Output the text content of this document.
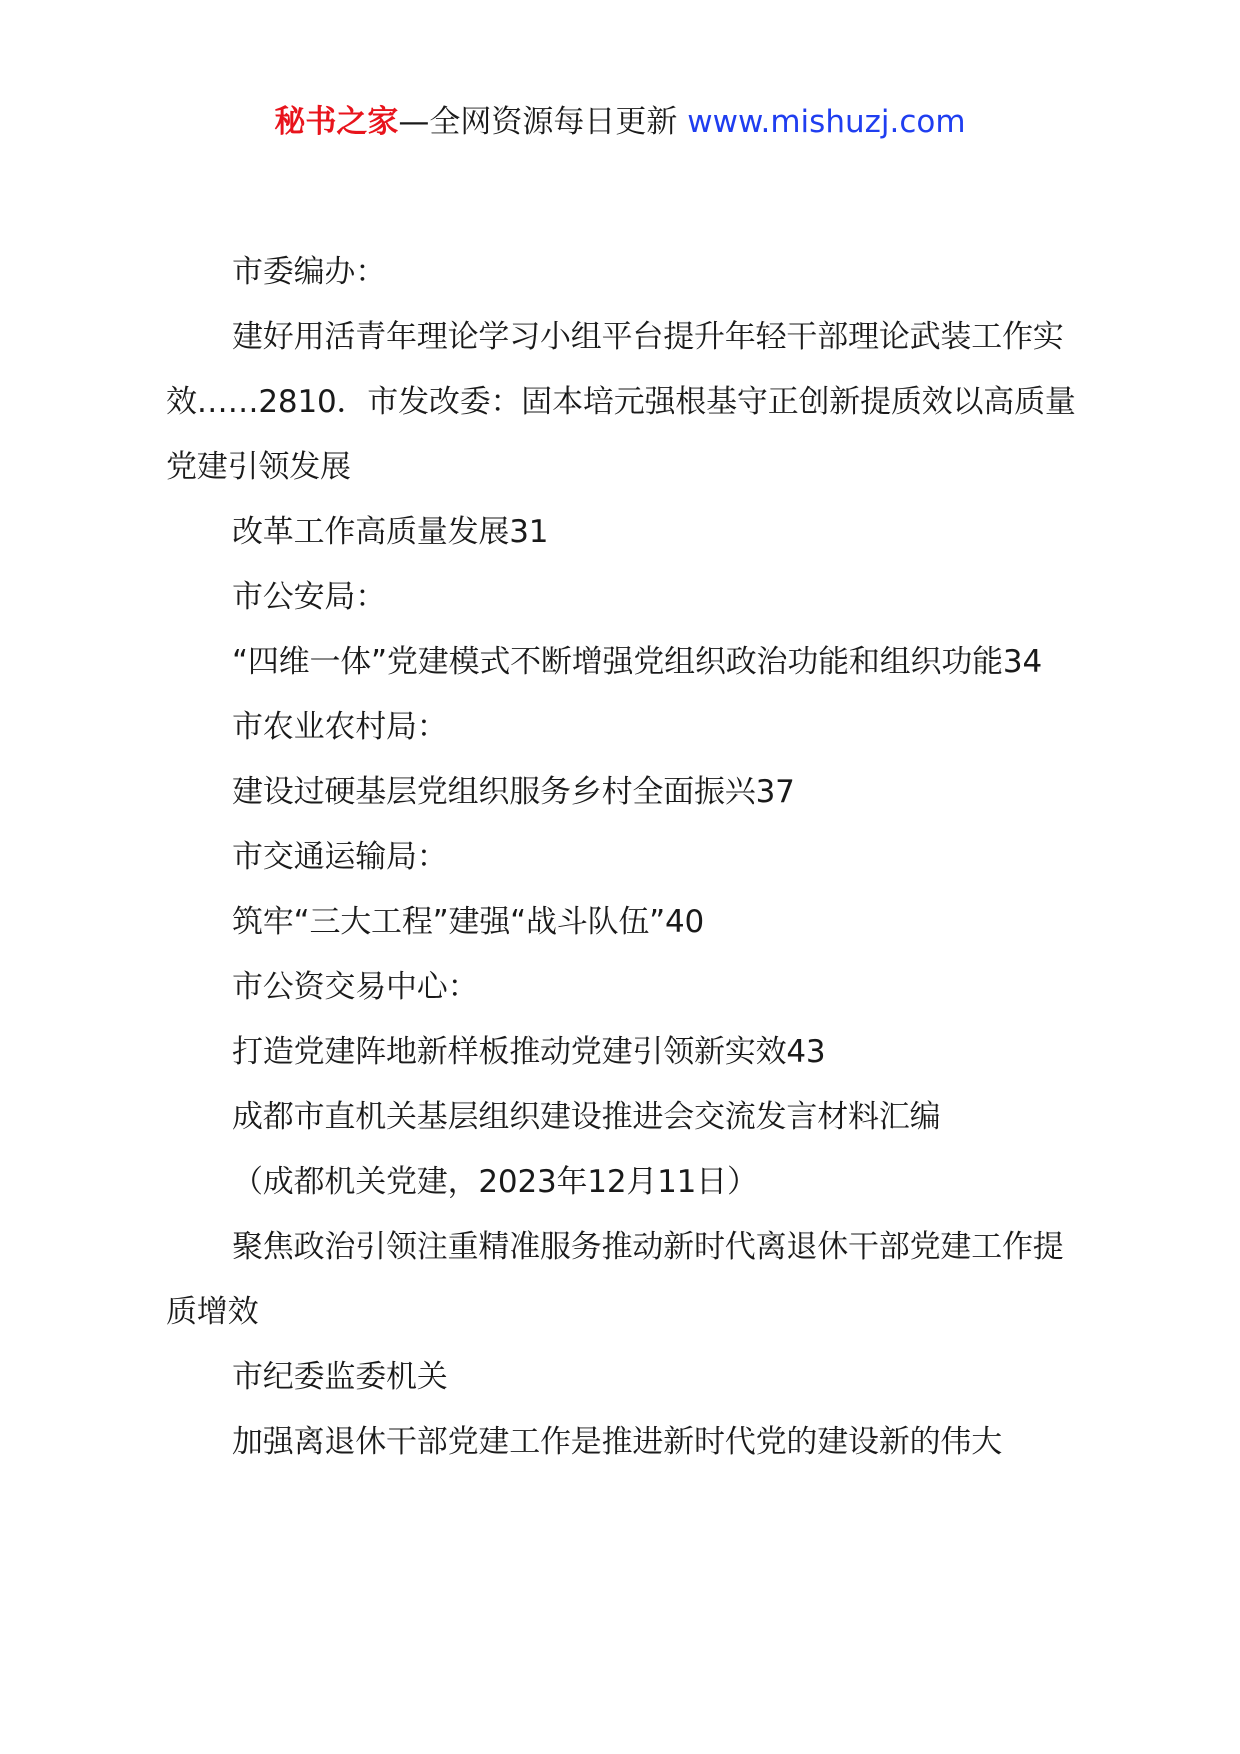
秘书之家—全网资源每日更新 www.mishuzj.com

市委编办：

建好用活青年理论学习小组平台提升年轻干部理论武装工作实效……2810．市发改委：固本培元强根基守正创新提质效以高质量党建引领发展

改革工作高质量发展31

市公安局：

“四维一体”党建模式不断增强党组织政治功能和组织功能34

市农业农村局：

建设过硬基层党组织服务乡村全面振兴37

市交通运输局：

筑牢“三大工程”建强“战斗队伍”40

市公资交易中心：

打造党建阵地新样板推动党建引领新实效43

成都市直机关基层组织建设推进会交流发言材料汇编

（成都机关党建，2023年12月11日）

聚焦政治引领注重精准服务推动新时代离退休干部党建工作提质增效

市纪委监委机关

加强离退休干部党建工作是推进新时代党的建设新的伟大
